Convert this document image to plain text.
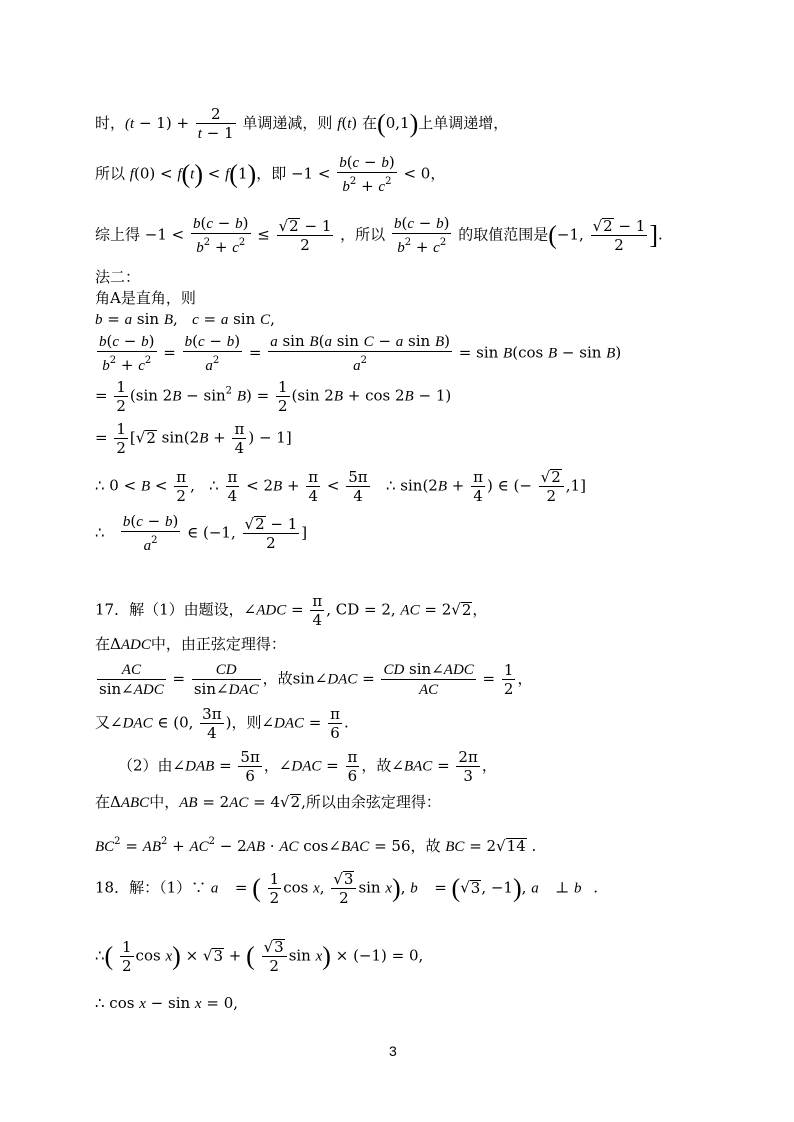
时，$(t - 1) + \frac{2}{t - 1}$ 单调递减，则 f(t) 在(0,1)上单调递增，
所以 f(0) < f(t) < f(1)，即 $-1 < \frac{b(c - b)}{b^2 + c^2} < 0$，
综上得 $-1 < \frac{b(c - b)}{b^2 + c^2} \le \frac{√2 - 1}{2}$ ，所以 $\frac{b(c - b)}{b^2 + c^2}$ 的取值范围是(−1, $\frac{√2 - 1}{2}$ ].
法二：
角A是直角，则
b = a sin B,   c = a sin C,
$\frac{b(c - b)}{b^2 + c^2} = \frac{b(c - b)}{a^2} = \frac{\text{a sin B(a sin C − a sin B)}}{a^2} = \sin B(\cos$ B − sin B)
= $\frac{1}{2} (\sin$ $2B - \sin^2 B) = \frac{1}{2} (\sin$ 2B + cos 2B − 1)
= $\frac{1}{2} [√2$ $\sin(2B + \frac{\pi}{4}$ ) − 1]
∴ $0 < B < \frac{\pi}{2}$ ,   ∴ $\frac{\pi}{4} < 2B + \frac{\pi}{4} < \frac{5\pi}{4}$ ∴ $\sin(2B + \frac{\pi}{4}$ ) ∈ (− $\frac{√2}{2} ,1$]
∴ $\frac{b(c - b)}{a^2}$ ∈ (−1, $\frac{√2 - 1}{2}$ ]
17．解（1）由题设，∠ADC = $\frac{\pi}{4}$ , CD = 2, AC = 2√2，
在ΔADC中，由正弦定理得：
AC
sin∠ADC
=	CD
sin∠DAC
，故sin∠DAC = CD sin∠ADC
AC
= $\frac{1}{2}$ ，
又∠DAC ∈ (0, $\frac{3\pi}{4}$ )，则∠DAC = $\frac{\pi}{6}$ .
（2）由∠DAB = $\frac{5\pi}{6}$ ，∠DAC = $\frac{\pi}{6}$ ，故∠BAC = $\frac{2\pi}{3}$ ，
在ΔABC中，AB = 2AC = 4√2,所以由余弦定理得：
$BC^2 = AB^2 + AC^2 - 2AB$ · AC cos∠BAC = 56，故 BC = 2√14 .
18．解：（1）∵ a⃗ = ( $\frac{1}{2}$ cos x, $\frac{√3}{2}$ sin x), b⃗ = (√3, −1), a⃗ ⊥ b⃗.
∴( $\frac{1}{2}$ cos x) × √3 + ( $\frac{√3}{2}$ sin x) × (−1) = 0,
∴ cos x − sin x = 0,
3
